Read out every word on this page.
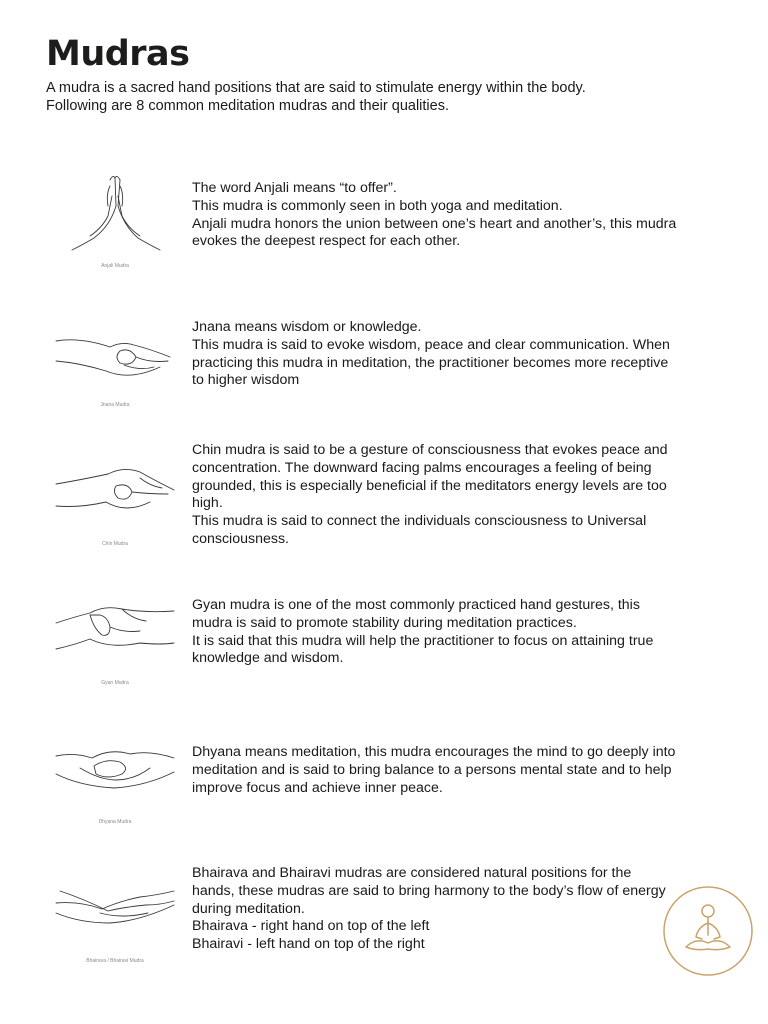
Mudras
A mudra is a sacred hand positions that are said to stimulate energy within the body.
Following are 8 common meditation mudras and their qualities.
Anjali Mudra
The word Anjali means “to offer”.
This mudra is commonly seen in both yoga and meditation.
Anjali mudra honors the union between one’s heart and another’s, this mudra
evokes the deepest respect for each other.
Jnana Mudra
Jnana means wisdom or knowledge.
This mudra is said to evoke wisdom, peace and clear communication. When
practicing this mudra in meditation, the practitioner becomes more receptive
to higher wisdom
Chin Mudra
Chin mudra is said to be a gesture of consciousness that evokes peace and
concentration. The downward facing palms encourages a feeling of being
grounded, this is especially beneficial if the meditators energy levels are too
high.
This mudra is said to connect the individuals consciousness to Universal
consciousness.
Gyan Mudra
Gyan mudra is one of the most commonly practiced hand gestures, this
mudra is said to promote stability during meditation practices.
It is said that this mudra will help the practitioner to focus on attaining true
knowledge and wisdom.
Dhyana Mudra
Dhyana means meditation, this mudra encourages the mind to go deeply into
meditation and is said to bring balance to a persons mental state and to help
improve focus and achieve inner peace.
Bhairava / Bhairavi Mudra
Bhairava and Bhairavi mudras are considered natural positions for the
hands, these mudras are said to bring harmony to the body’s flow of energy
during meditation.
Bhairava - right hand on top of the left
Bhairavi - left hand on top of the right
